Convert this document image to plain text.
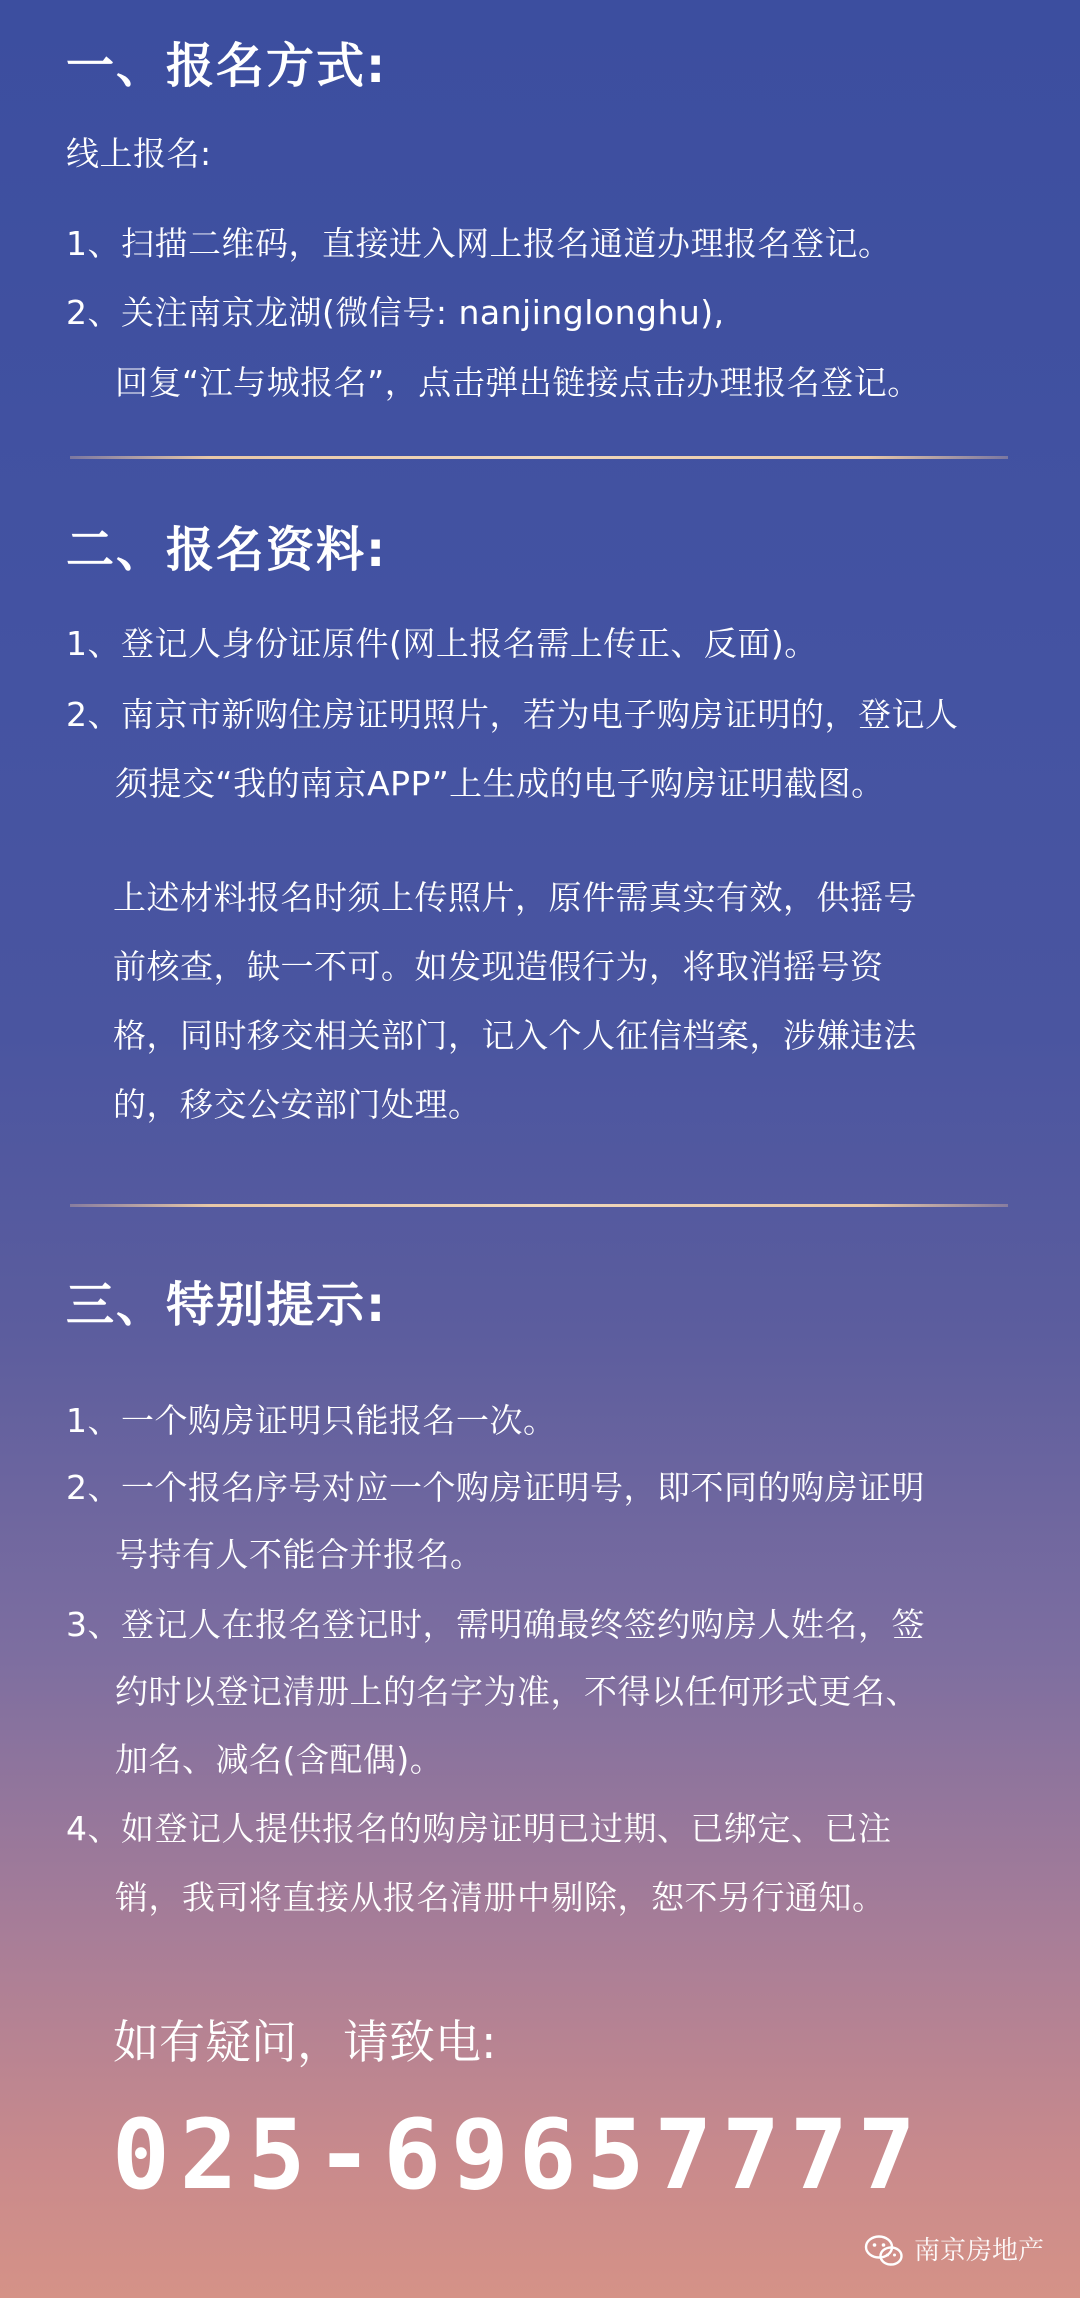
一、报名方式:
线上报名:
1、扫描二维码，直接进入网上报名通道办理报名登记。
2、关注南京龙湖(微信号: nanjinglonghu),
回复“江与城报名”，点击弹出链接点击办理报名登记。
二、报名资料:
1、登记人身份证原件(网上报名需上传正、反面)。
2、南京市新购住房证明照片，若为电子购房证明的，登记人
须提交“我的南京APP”上生成的电子购房证明截图。
上述材料报名时须上传照片，原件需真实有效，供摇号
前核查，缺一不可。如发现造假行为，将取消摇号资
格，同时移交相关部门，记入个人征信档案，涉嫌违法
的，移交公安部门处理。
三、特别提示:
1、一个购房证明只能报名一次。
2、一个报名序号对应一个购房证明号，即不同的购房证明
号持有人不能合并报名。
3、登记人在报名登记时，需明确最终签约购房人姓名，签
约时以登记清册上的名字为准，不得以任何形式更名、
加名、减名(含配偶)。
4、如登记人提供报名的购房证明已过期、已绑定、已注
销，我司将直接从报名清册中剔除，恕不另行通知。
如有疑问，请致电:
025-69657777
南京房地产
